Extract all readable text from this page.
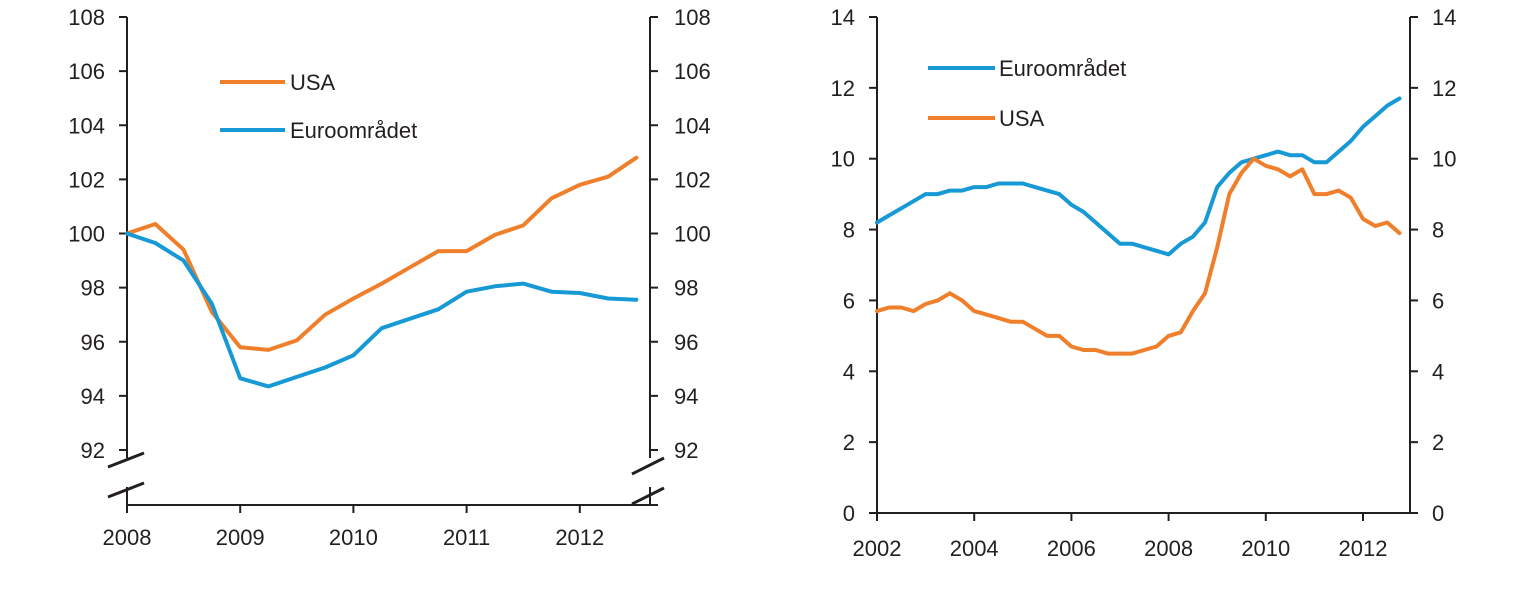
92	92
94	94
96	96
98	98
100	100
102	102
104	104
106	106
108	108
2008	2009	2010	2011	2012
USA
Euroområdet
0	0
2	2
4	4
6	6
8	8
10	10
12	12
14	14
2002 2004 2006 2008 2010 2012
Euroområdet
USA
